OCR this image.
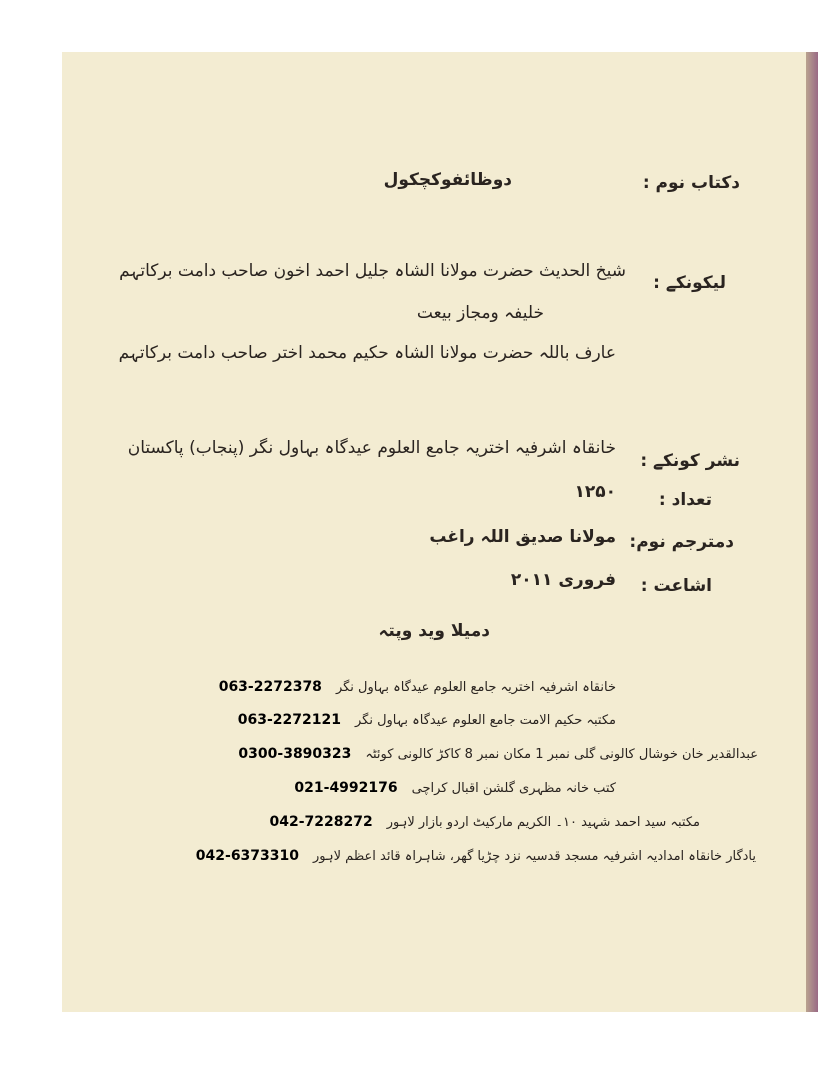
دکتاب نوم :
دوظائفوکچکول
لیکونکے :
شیخ الحدیث حضرت مولانا الشاہ جلیل احمد اخون صاحب دامت برکاتہم
خلیفہ ومجاز بیعت
عارف باللہ حضرت مولانا الشاہ حکیم محمد اختر صاحب دامت برکاتہم
نشر کونکے :
خانقاہ اشرفیہ اختریہ جامع العلوم عیدگاہ بہاول نگر (پنجاب) پاکستان
تعداد :
۱۲۵۰
دمترجم نوم:
مولانا صدیق اللہ راغب
اشاعت :
فروری ۲۰۱۱
دمیلا وید وپتہ
خانقاہ اشرفیہ اختریہ جامع العلوم عیدگاہ بہاول نگر
063-2272378
مکتبہ حکیم الامت جامع العلوم عیدگاہ بہاول نگر
063-2272121
عبدالقدیر خان خوشال کالونی گلی نمبر 1 مکان نمبر 8 کاکڑ کالونی کوئٹہ
0300-3890323
کتب خانہ مظہری گلشن اقبال کراچی
021-4992176
مکتبہ سید احمد شہید ۱۰۔ الکریم مارکیٹ اردو بازار لاہور
042-7228272
یادگار خانقاہ امدادیہ اشرفیہ مسجد قدسیہ نزد چڑیا گھر، شاہراہ قائد اعظم لاہور
042-6373310
